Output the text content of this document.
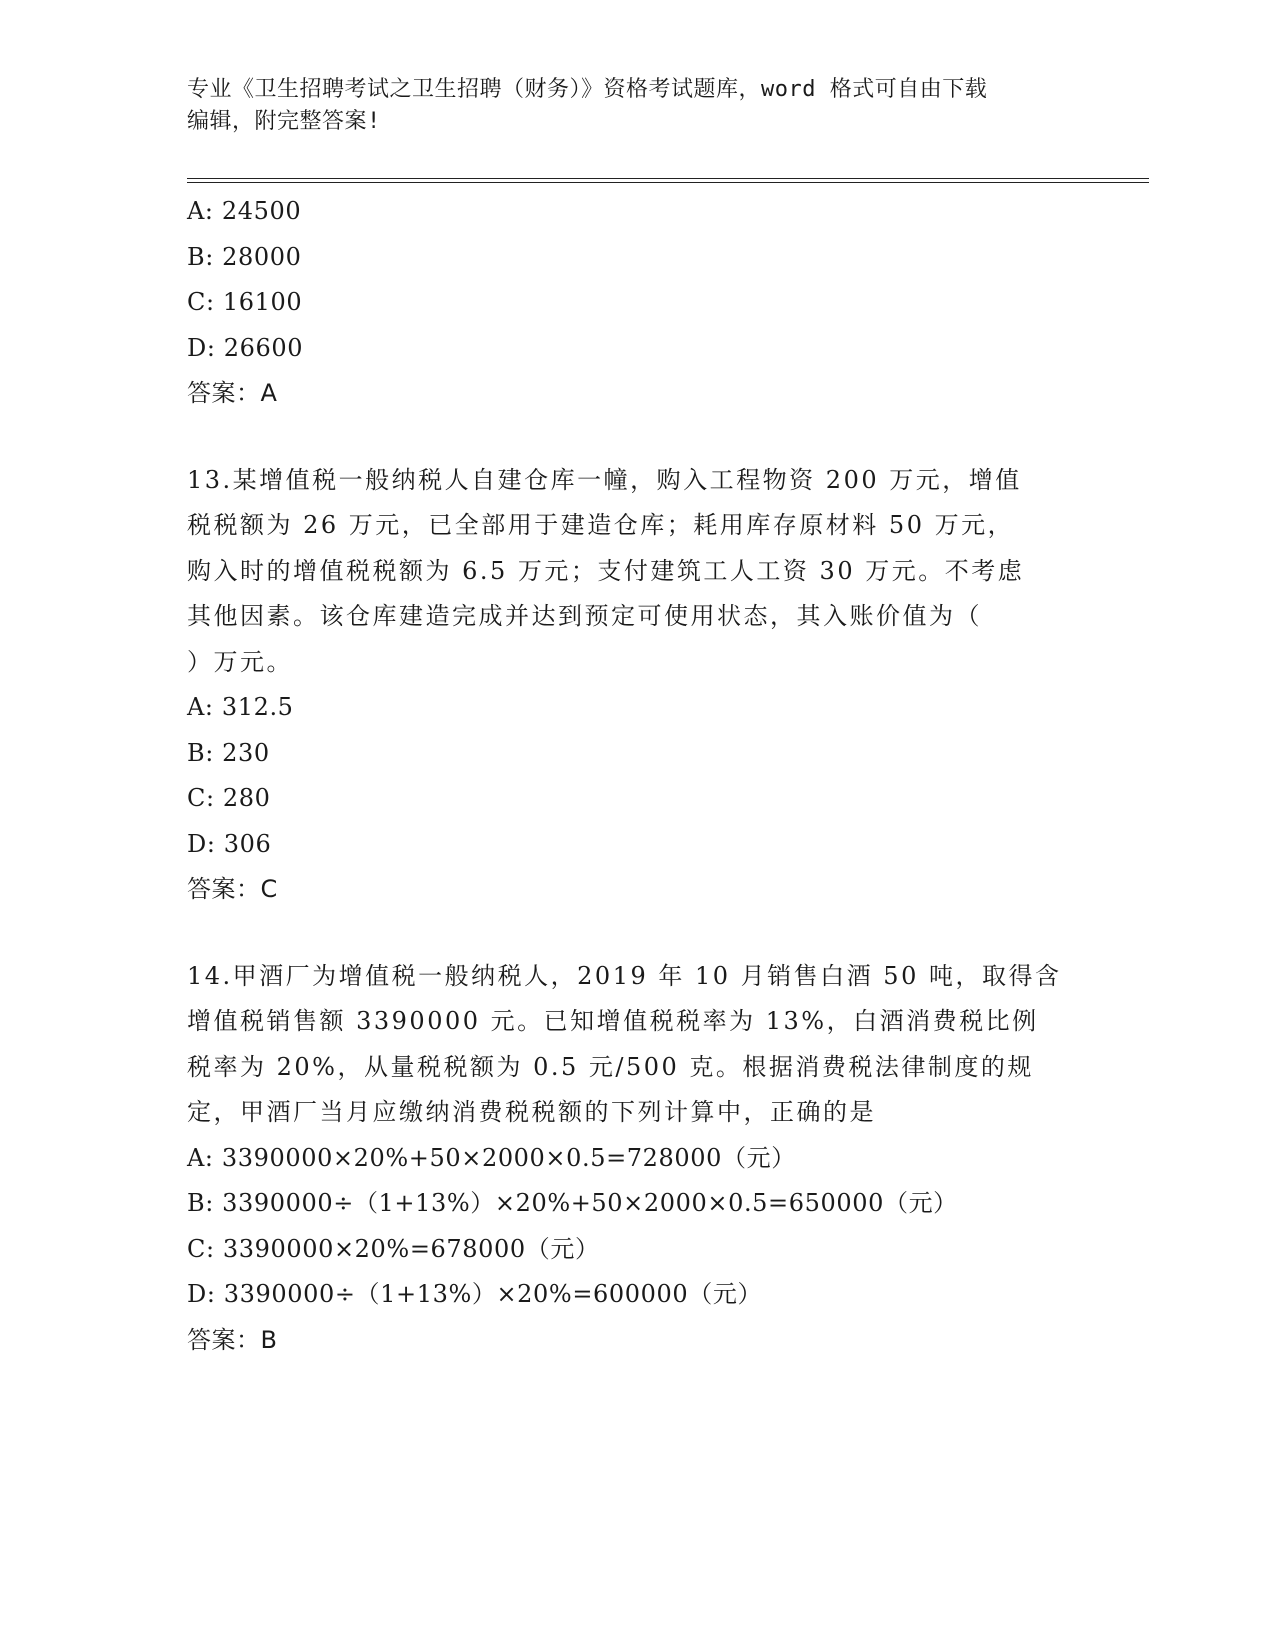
专业《卫生招聘考试之卫生招聘（财务）》资格考试题库，word 格式可自由下载
编辑，附完整答案!
A: 24500
B: 28000
C: 16100
D: 26600
答案：A
13.某增值税一般纳税人自建仓库一幢，购入工程物资 200 万元，增值
税税额为 26 万元，已全部用于建造仓库；耗用库存原材料 50 万元，
购入时的增值税税额为 6.5 万元；支付建筑工人工资 30 万元。不考虑
其他因素。该仓库建造完成并达到预定可使用状态，其入账价值为（
）万元。
A: 312.5
B: 230
C: 280
D: 306
答案：C
14.甲酒厂为增值税一般纳税人，2019 年 10 月销售白酒 50 吨，取得含
增值税销售额 3390000 元。已知增值税税率为 13%，白酒消费税比例
税率为 20%，从量税税额为 0.5 元/500 克。根据消费税法律制度的规
定，甲酒厂当月应缴纳消费税税额的下列计算中，正确的是
A: 3390000×20%+50×2000×0.5=728000（元）
B: 3390000÷（1+13%）×20%+50×2000×0.5=650000（元）
C: 3390000×20%=678000（元）
D: 3390000÷（1+13%）×20%=600000（元）
答案：B
